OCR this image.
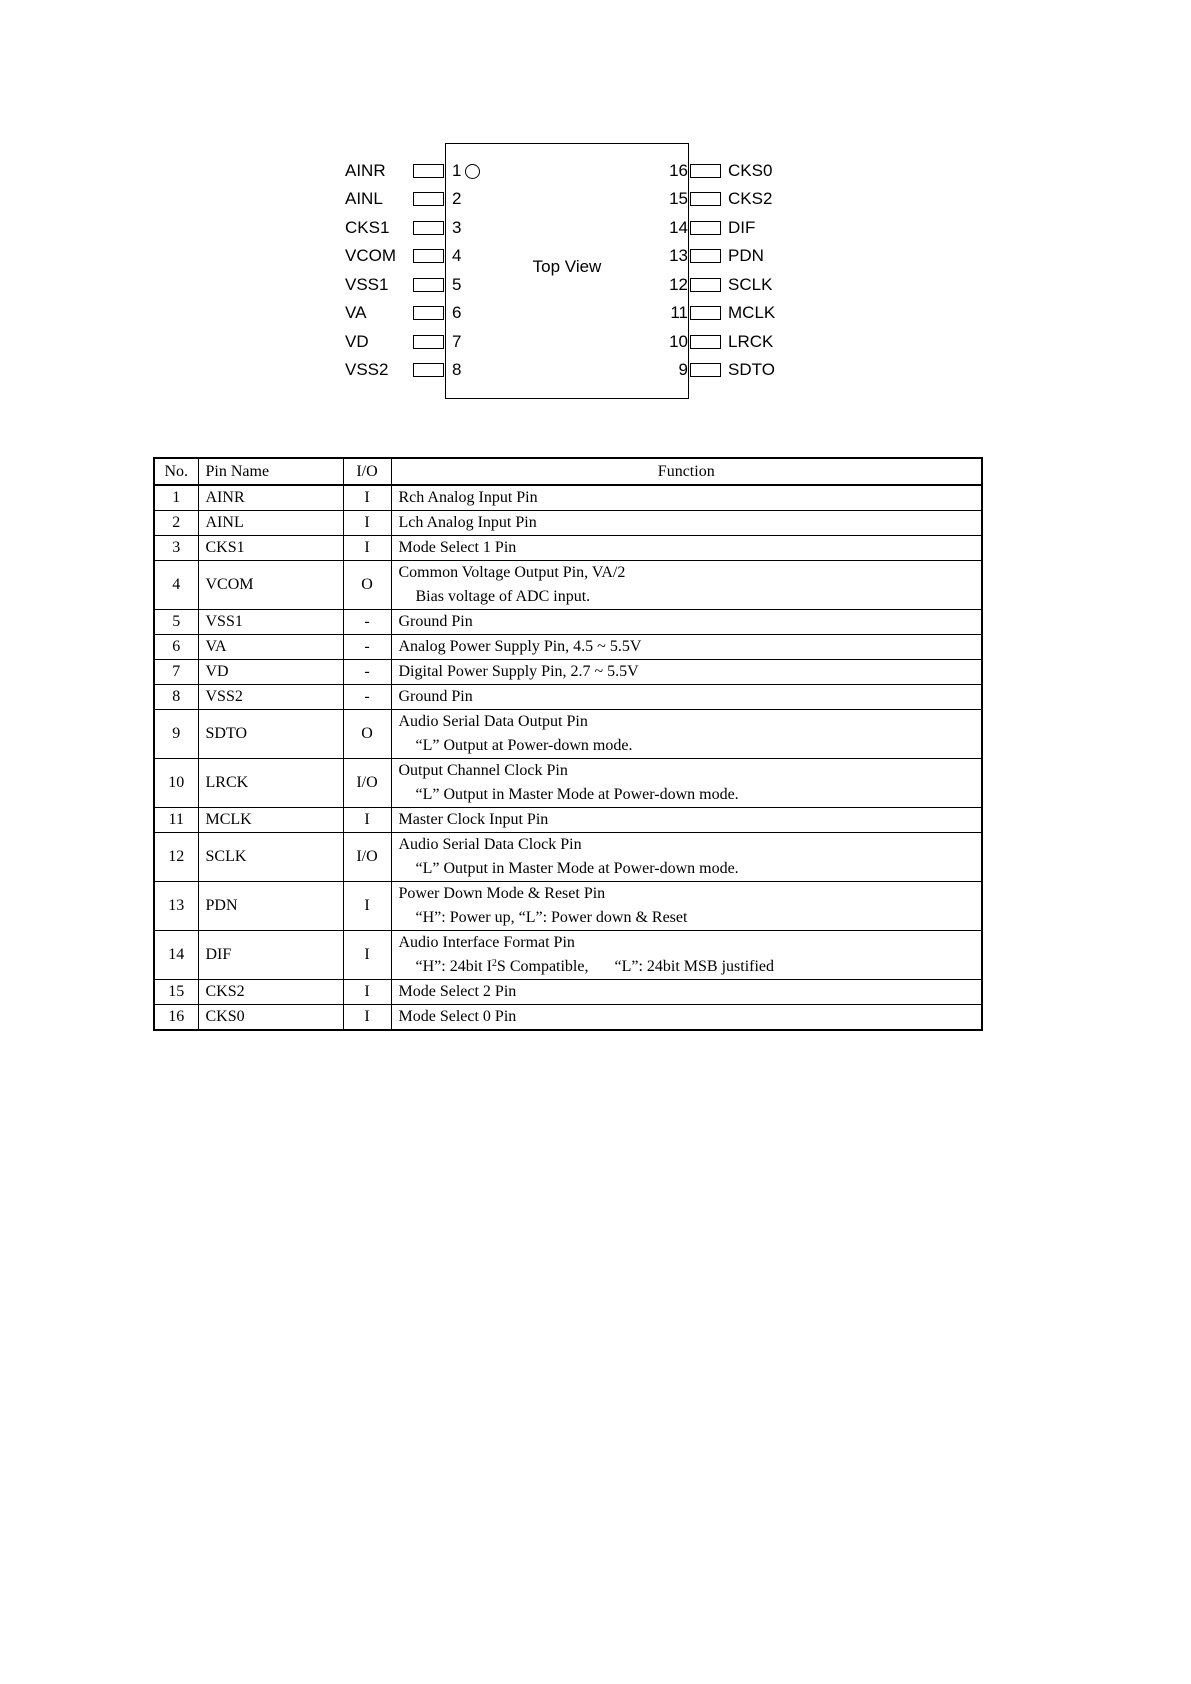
Top View
AINR	1
AINL	2
CKS1	3
VCOM	4
VSS1	5
VA	6
VD	7
VSS2	8
16 CKS0
15 CKS2
14 DIF
13 PDN
12 SCLK
11 MCLK
10 LRCK
9 SDTO
No.	Pin Name	I/O	Function
1	AINR	I	Rch Analog Input Pin

2	AINL	I	Lch Analog Input Pin

3	CKS1	I	Mode Select 1 Pin

4	VCOM	O	Common Voltage Output Pin, VA/2
Bias voltage of ADC input.

5	VSS1	-	Ground Pin

6	VA	-	Analog Power Supply Pin, 4.5 ~ 5.5V

7	VD	-	Digital Power Supply Pin, 2.7 ~ 5.5V

8	VSS2	-	Ground Pin

9	SDTO	O	Audio Serial Data Output Pin
“L” Output at Power-down mode.

10	LRCK	I/O	Output Channel Clock Pin
“L” Output in Master Mode at Power-down mode.

11	MCLK	I	Master Clock Input Pin

12	SCLK	I/O	Audio Serial Data Clock Pin
“L” Output in Master Mode at Power-down mode.

13	PDN	I	Power Down Mode & Reset Pin
“H”: Power up, “L”: Power down & Reset

14	DIF	I	Audio Interface Format Pin
“H”: 24bit $I^2S$ Compatible, “L”: 24bit MSB justified

15	CKS2	I	Mode Select 2 Pin

16	CKS0	I	Mode Select 0 Pin
